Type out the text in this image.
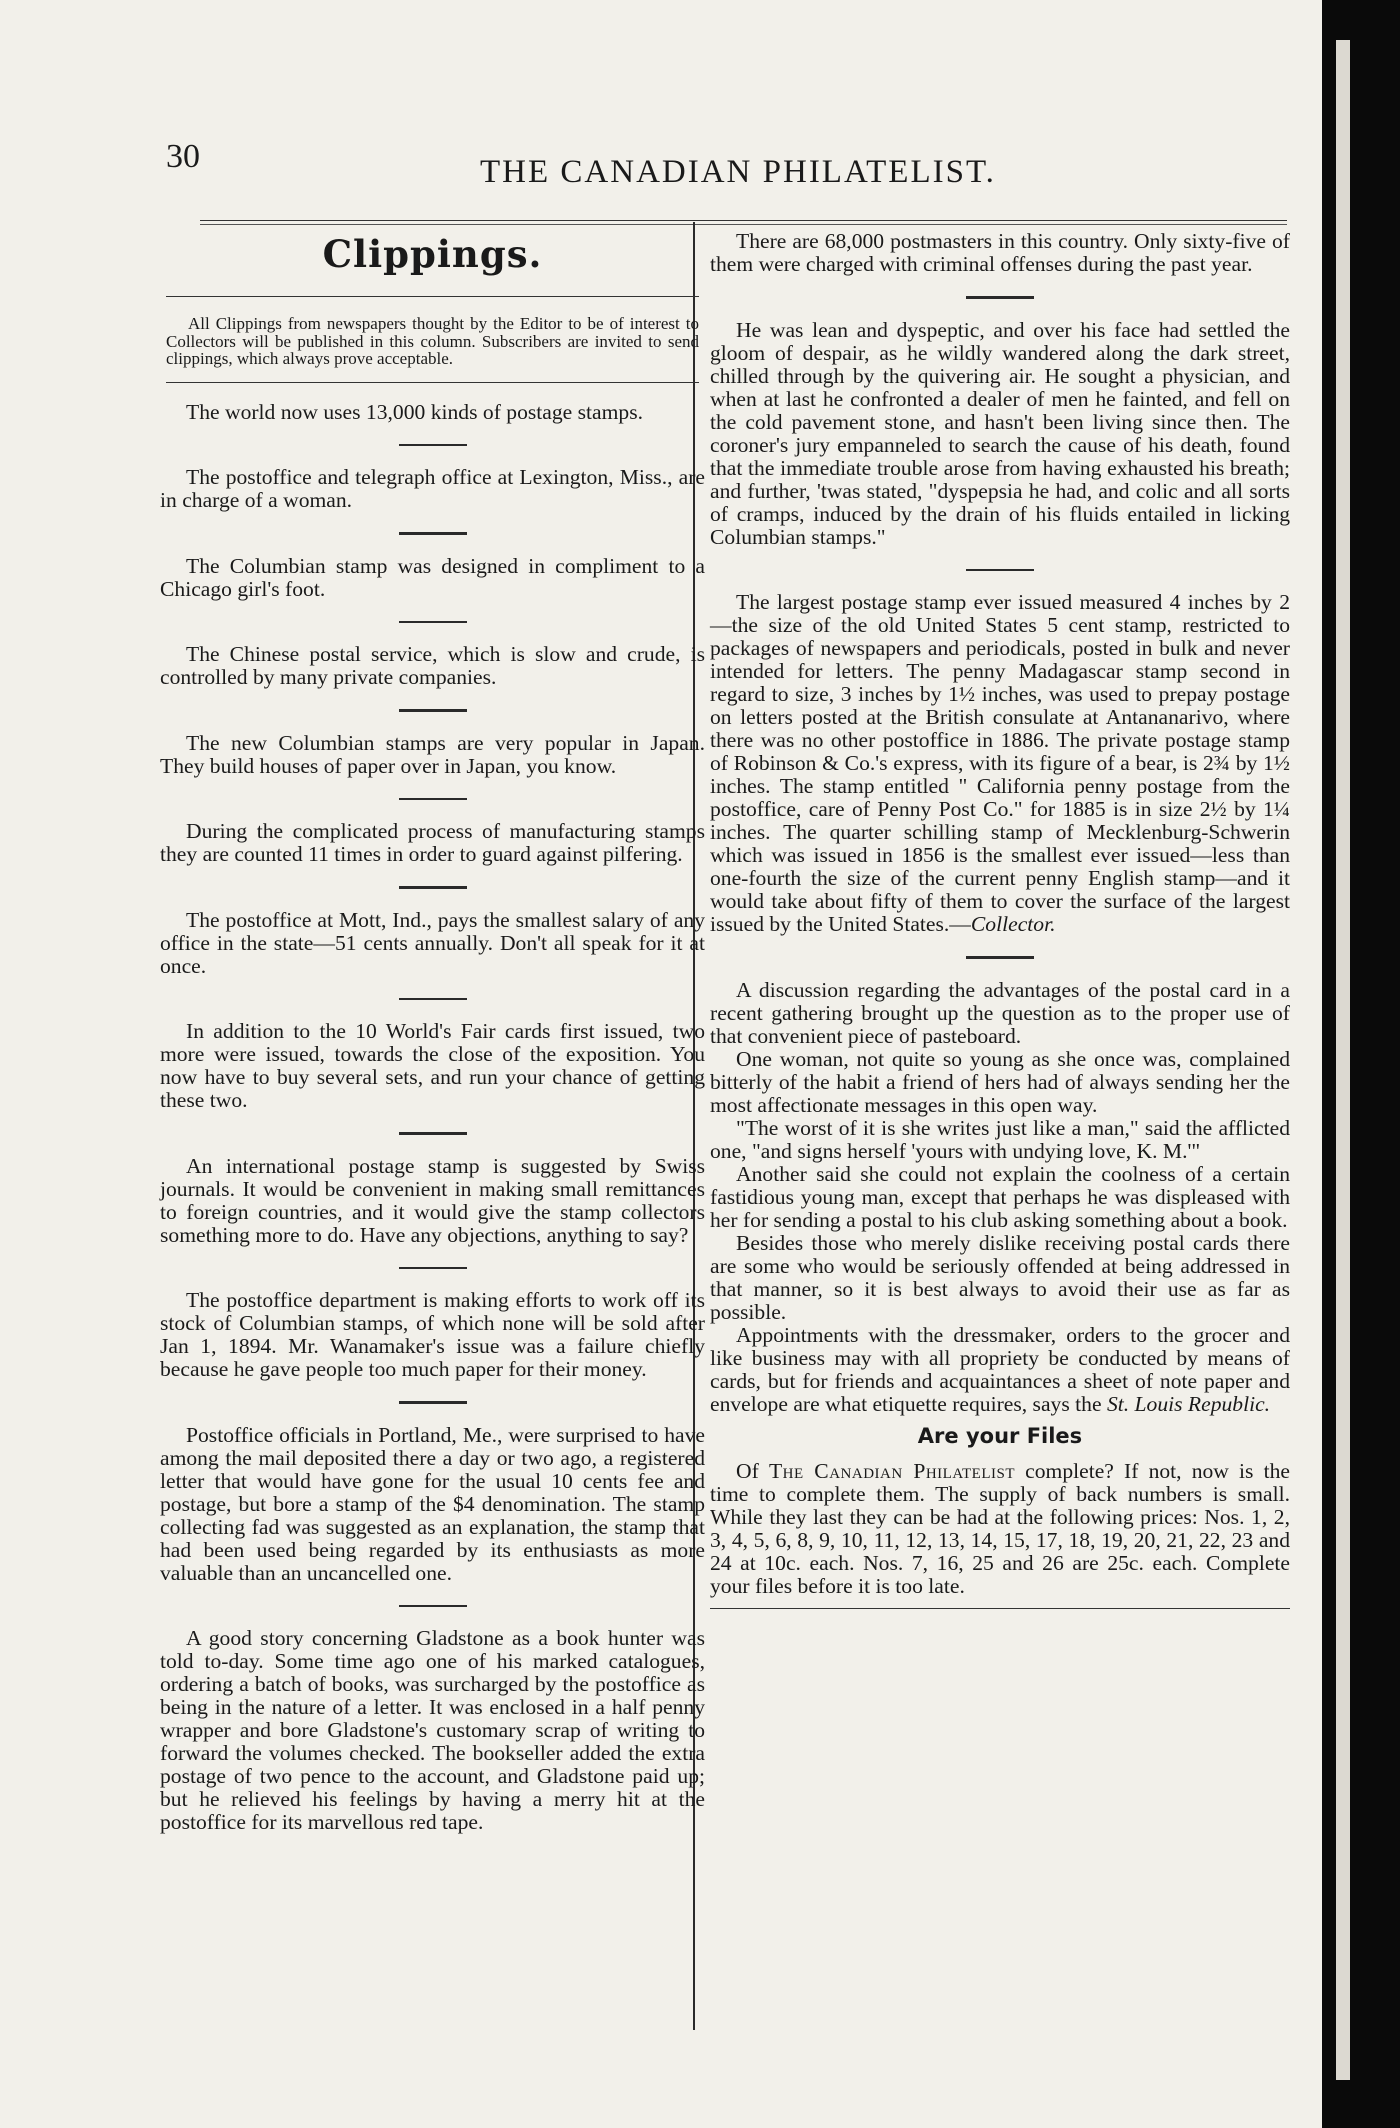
30	THE CANADIAN PHILATELIST.
Clippings.

All Clippings from newspapers thought by the Editor to be of interest to Collectors will be published in this column. Subscribers are invited to send clippings, which always prove acceptable.

The world now uses 13,000 kinds of postage stamps.

The postoffice and telegraph office at Lexington, Miss., are in charge of a woman.

The Columbian stamp was designed in compliment to a Chicago girl's foot.

The Chinese postal service, which is slow and crude, is controlled by many private companies.

The new Columbian stamps are very popular in Japan. They build houses of paper over in Japan, you know.

During the complicated process of manufacturing stamps they are counted 11 times in order to guard against pilfering.

The postoffice at Mott, Ind., pays the smallest salary of any office in the state—51 cents annually. Don't all speak for it at once.

In addition to the 10 World's Fair cards first issued, two more were issued, towards the close of the exposition. You now have to buy several sets, and run your chance of getting these two.

An international postage stamp is suggested by Swiss journals. It would be convenient in making small remittances to foreign countries, and it would give the stamp collectors something more to do. Have any objections, anything to say?

The postoffice department is making efforts to work off its stock of Columbian stamps, of which none will be sold after Jan 1, 1894. Mr. Wanamaker's issue was a failure chiefly because he gave people too much paper for their money.

Postoffice officials in Portland, Me., were surprised to have among the mail deposited there a day or two ago, a registered letter that would have gone for the usual 10 cents fee and postage, but bore a stamp of the $4 denomination. The stamp collecting fad was suggested as an explanation, the stamp that had been used being regarded by its enthusiasts as more valuable than an uncancelled one.

A good story concerning Gladstone as a book hunter was told to-day. Some time ago one of his marked catalogues, ordering a batch of books, was surcharged by the postoffice as being in the nature of a letter. It was enclosed in a half penny wrapper and bore Gladstone's customary scrap of writing to forward the volumes checked. The bookseller added the extra postage of two pence to the account, and Gladstone paid up; but he relieved his feelings by having a merry hit at the postoffice for its marvellous red tape.

There are 68,000 postmasters in this country. Only sixty-five of them were charged with criminal offenses during the past year.

He was lean and dyspeptic, and over his face had settled the gloom of despair, as he wildly wandered along the dark street, chilled through by the quivering air. He sought a physician, and when at last he confronted a dealer of men he fainted, and fell on the cold pavement stone, and hasn't been living since then. The coroner's jury empanneled to search the cause of his death, found that the immediate trouble arose from having exhausted his breath; and further, 'twas stated, "dyspepsia he had, and colic and all sorts of cramps, induced by the drain of his fluids entailed in licking Columbian stamps."

The largest postage stamp ever issued measured 4 inches by 2—the size of the old United States 5 cent stamp, restricted to packages of newspapers and periodicals, posted in bulk and never intended for letters. The penny Madagascar stamp second in regard to size, 3 inches by 1½ inches, was used to prepay postage on letters posted at the British consulate at Antananarivo, where there was no other postoffice in 1886. The private postage stamp of Robinson & Co.'s express, with its figure of a bear, is 2¾ by 1½ inches. The stamp entitled " California penny postage from the postoffice, care of Penny Post Co." for 1885 is in size 2½ by 1¼ inches. The quarter schilling stamp of Mecklenburg-Schwerin which was issued in 1856 is the smallest ever issued—less than one-fourth the size of the current penny English stamp—and it would take about fifty of them to cover the surface of the largest issued by the United States.—Collector.

A discussion regarding the advantages of the postal card in a recent gathering brought up the question as to the proper use of that convenient piece of pasteboard.

One woman, not quite so young as she once was, complained bitterly of the habit a friend of hers had of always sending her the most affectionate messages in this open way.

"The worst of it is she writes just like a man," said the afflicted one, "and signs herself 'yours with undying love, K. M.'"

Another said she could not explain the coolness of a certain fastidious young man, except that perhaps he was displeased with her for sending a postal to his club asking something about a book.

Besides those who merely dislike receiving postal cards there are some who would be seriously offended at being addressed in that manner, so it is best always to avoid their use as far as possible.

Appointments with the dressmaker, orders to the grocer and like business may with all propriety be conducted by means of cards, but for friends and acquaintances a sheet of note paper and envelope are what etiquette requires, says the St. Louis Republic.

Are your Files

Of The Canadian Philatelist complete? If not, now is the time to complete them. The supply of back numbers is small. While they last they can be had at the following prices: Nos. 1, 2, 3, 4, 5, 6, 8, 9, 10, 11, 12, 13, 14, 15, 17, 18, 19, 20, 21, 22, 23 and 24 at 10c. each. Nos. 7, 16, 25 and 26 are 25c. each. Complete your files before it is too late.
